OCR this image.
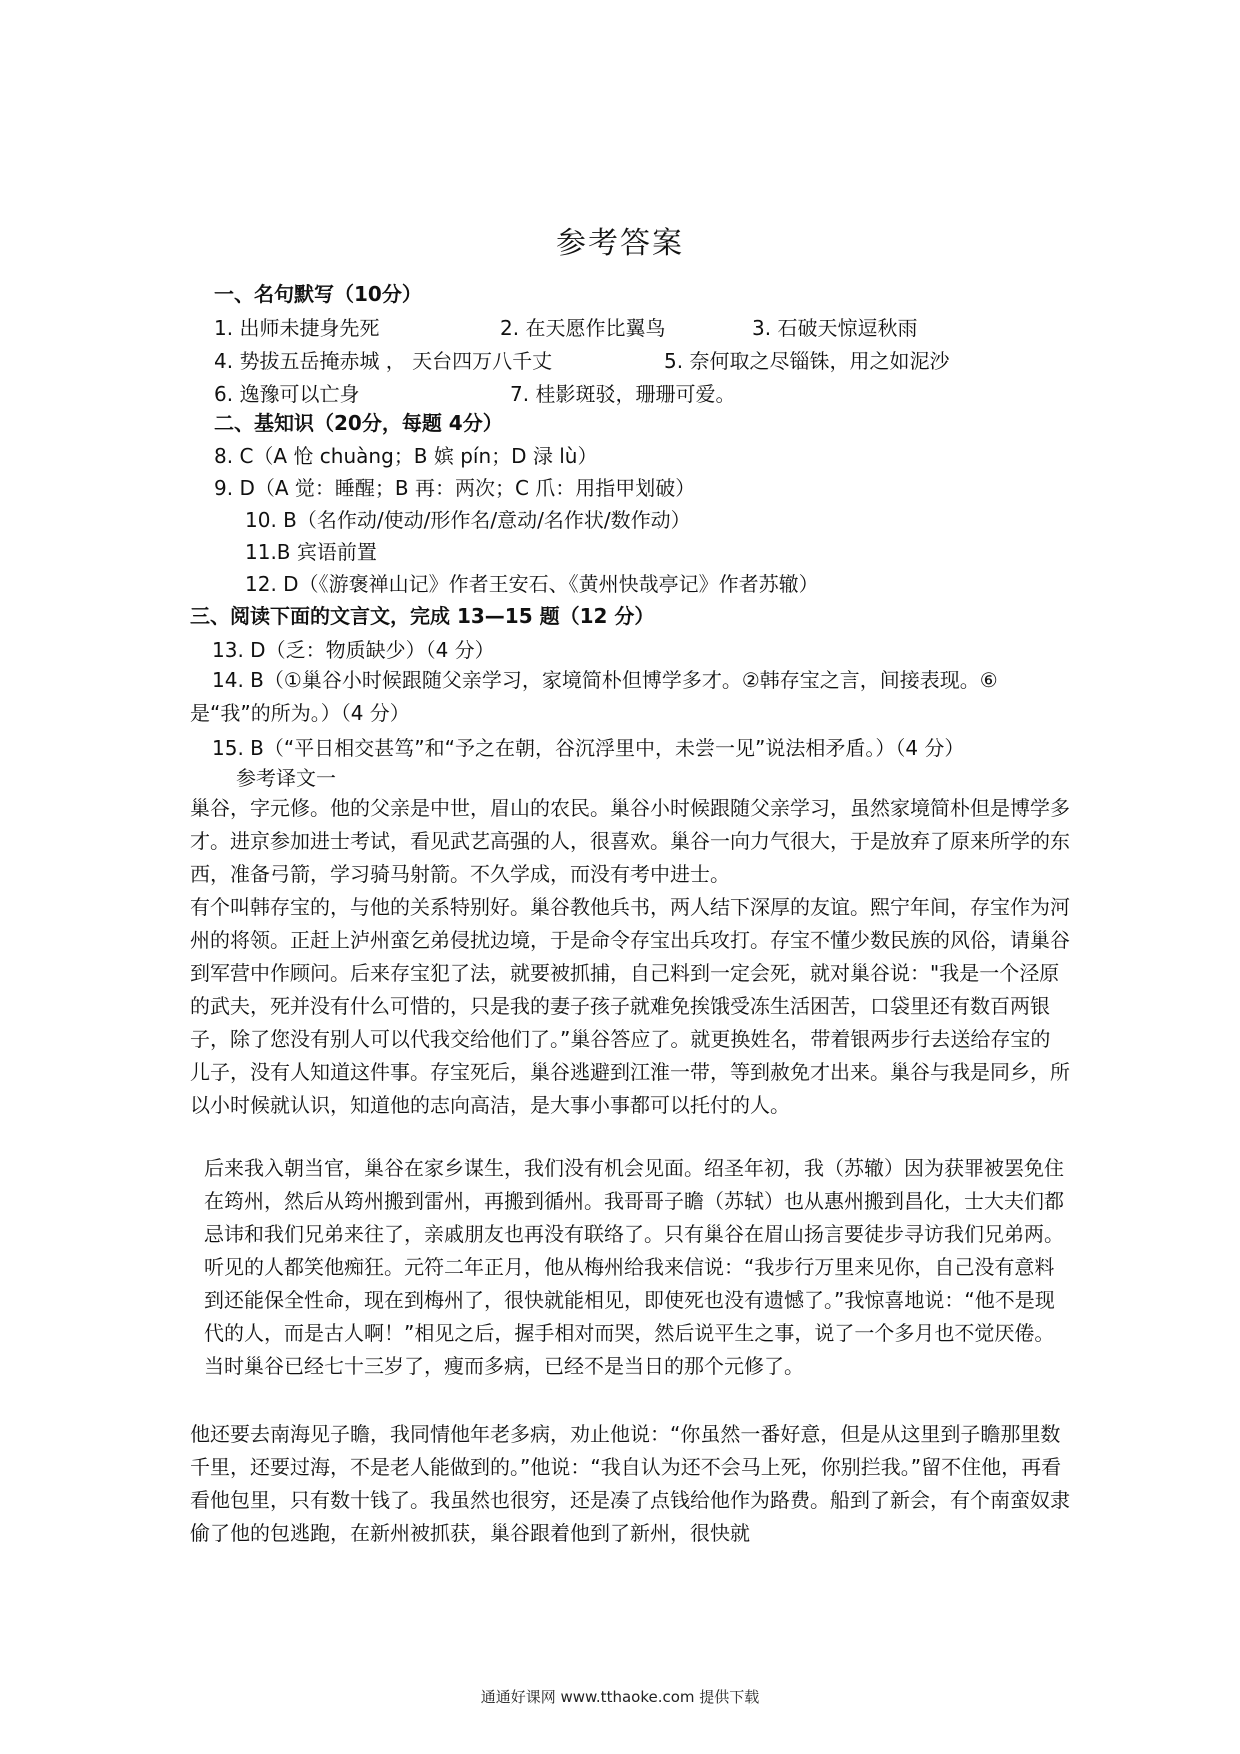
参考答案
一、名句默写（10分）
1. 出师未捷身先死	2. 在天愿作比翼鸟	3. 石破天惊逗秋雨
4. 势拔五岳掩赤城 ， 天台四万八千丈	5. 奈何取之尽锱铢，用之如泥沙
6. 逸豫可以亡身	7. 桂影斑驳，珊珊可爱。
二、基知识（20分，每题 4分）
8. C（A 怆 chuàng；B 嫔 pín；D 渌 lù）
9. D（A 觉：睡醒；B 再：两次；C 爪：用指甲划破）
10. B（名作动/使动/形作名/意动/名作状/数作动）
11.B 宾语前置
12. D（《游褒禅山记》作者王安石、《黄州快哉亭记》作者苏辙）
三、阅读下面的文言文，完成 13—15 题（12 分）
13. D（乏：物质缺少）（4 分）
14. B（①巢谷小时候跟随父亲学习，家境简朴但博学多才。②韩存宝之言，间接表现。⑥是“我”的所为。）（4 分）
15. B（“平日相交甚笃”和“予之在朝，谷沉浮里中，未尝一见”说法相矛盾。）（4 分）
参考译文一
巢谷，字元修。他的父亲是中世，眉山的农民。巢谷小时候跟随父亲学习，虽然家境简朴但是博学多才。进京参加进士考试，看见武艺高强的人，很喜欢。巢谷一向力气很大，于是放弃了原来所学的东西，准备弓箭，学习骑马射箭。不久学成，而没有考中进士。
有个叫韩存宝的，与他的关系特别好。巢谷教他兵书，两人结下深厚的友谊。熙宁年间，存宝作为河州的将领。正赶上泸州蛮乞弟侵扰边境，于是命令存宝出兵攻打。存宝不懂少数民族的风俗，请巢谷到军营中作顾问。后来存宝犯了法，就要被抓捕，自己料到一定会死，就对巢谷说："我是一个泾原的武夫，死并没有什么可惜的，只是我的妻子孩子就难免挨饿受冻生活困苦，口袋里还有数百两银子，除了您没有别人可以代我交给他们了。”巢谷答应了。就更换姓名，带着银两步行去送给存宝的儿子，没有人知道这件事。存宝死后，巢谷逃避到江淮一带，等到赦免才出来。巢谷与我是同乡，所以小时候就认识，知道他的志向高洁，是大事小事都可以托付的人。
后来我入朝当官，巢谷在家乡谋生，我们没有机会见面。绍圣年初，我（苏辙）因为获罪被罢免住在筠州，然后从筠州搬到雷州，再搬到循州。我哥哥子瞻（苏轼）也从惠州搬到昌化，士大夫们都忌讳和我们兄弟来往了，亲戚朋友也再没有联络了。只有巢谷在眉山扬言要徒步寻访我们兄弟两。听见的人都笑他痴狂。元符二年正月，他从梅州给我来信说：“我步行万里来见你，自己没有意料到还能保全性命，现在到梅州了，很快就能相见，即使死也没有遗憾了。”我惊喜地说：“他不是现代的人，而是古人啊！”相见之后，握手相对而哭，然后说平生之事，说了一个多月也不觉厌倦。 当时巢谷已经七十三岁了，瘦而多病，已经不是当日的那个元修了。
他还要去南海见子瞻，我同情他年老多病，劝止他说：“你虽然一番好意，但是从这里到子瞻那里数千里，还要过海，不是老人能做到的。”他说：“我自认为还不会马上死，你别拦我。”留不住他，再看看他包里，只有数十钱了。我虽然也很穷，还是凑了点钱给他作为路费。船到了新会，有个南蛮奴隶偷了他的包逃跑，在新州被抓获，巢谷跟着他到了新州，很快就
通通好课网 www.tthaoke.com 提供下载
